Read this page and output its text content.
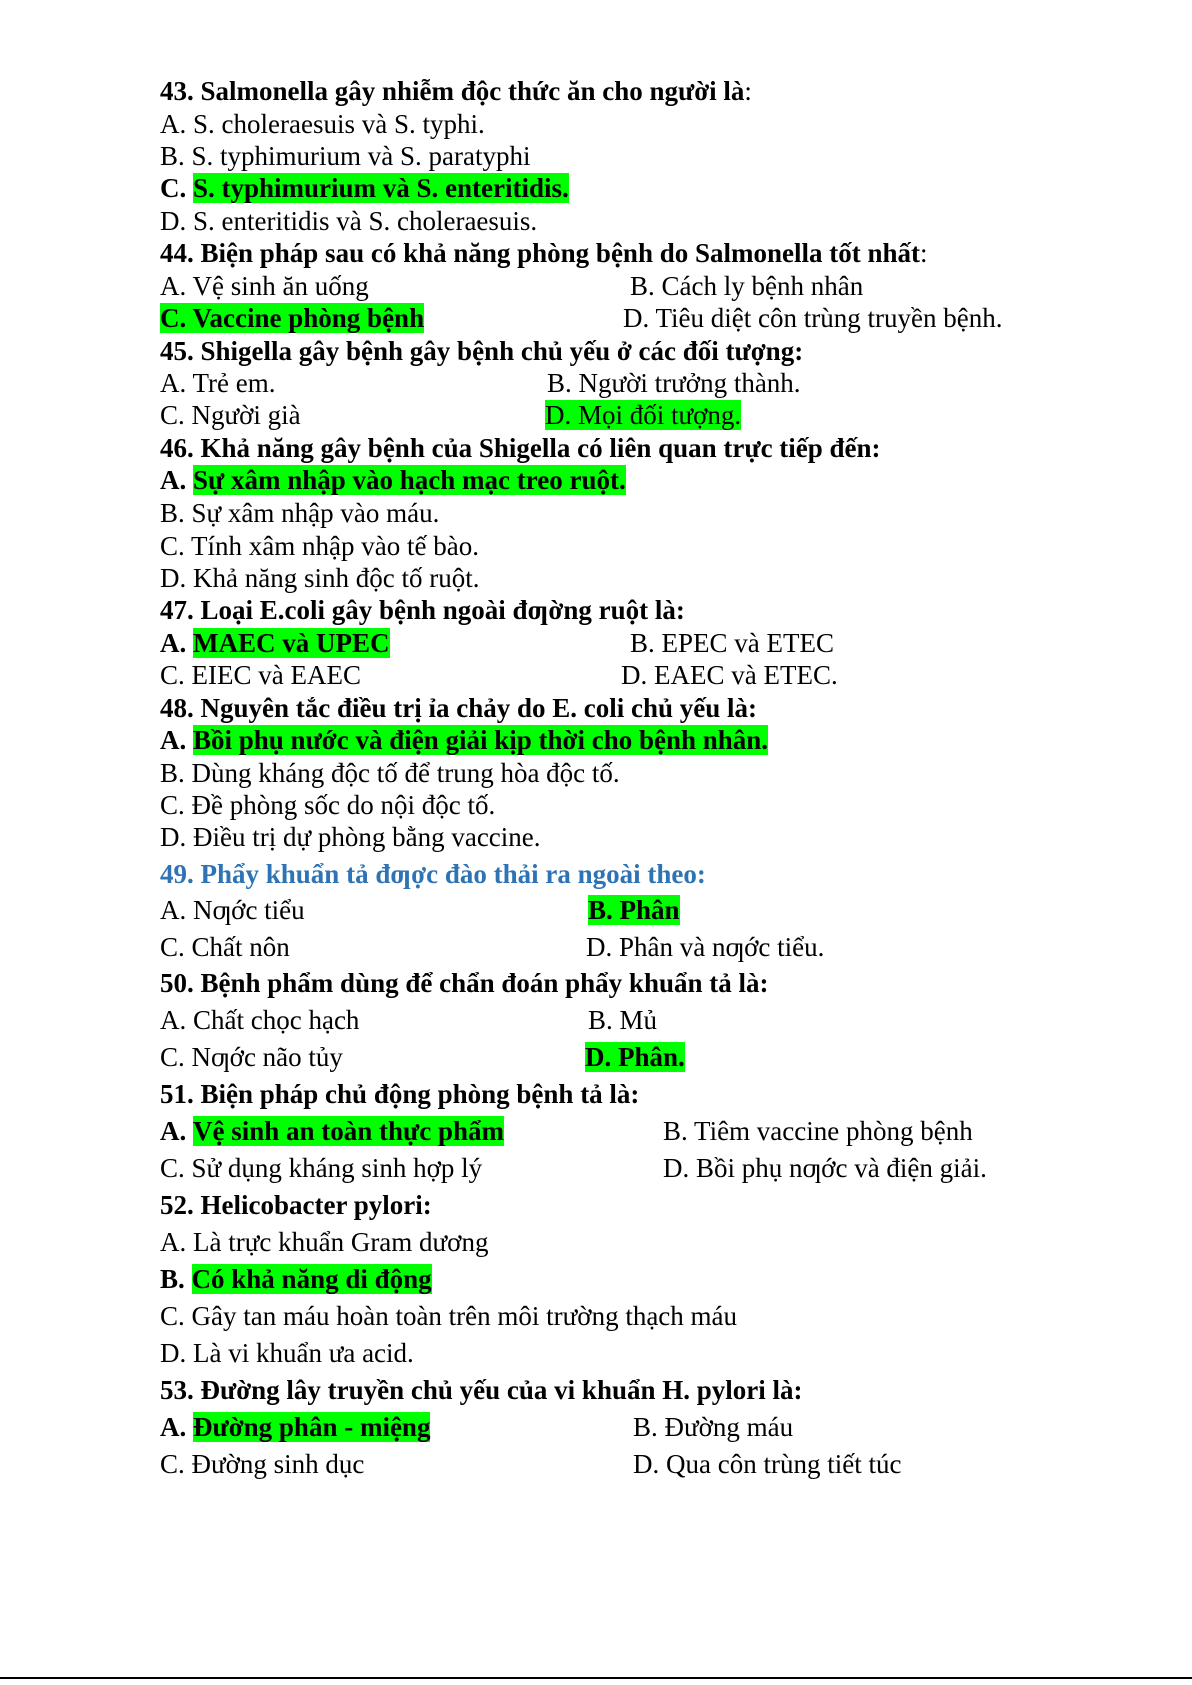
43. Salmonella gây nhiễm độc thức ăn cho người là:
A. S. choleraesuis và S. typhi.
B. S. typhimurium và S. paratyphi
C. S. typhimurium và S. enteritidis.
D. S. enteritidis và S. choleraesuis.
44. Biện pháp sau có khả năng phòng bệnh do Salmonella tốt nhất:
A. Vệ sinh ăn uống	B. Cách ly bệnh nhân
C. Vaccine phòng bệnh	D. Tiêu diệt côn trùng truyền bệnh.
45. Shigella gây bệnh gây bệnh chủ yếu ở các đối tượng:
A. Trẻ em.	B. Người trưởng thành.
C. Người già	D. Mọi đối tượng.
46. Khả năng gây bệnh của Shigella có liên quan trực tiếp đến:
A. Sự xâm nhập vào hạch mạc treo ruột.
B. Sự xâm nhập vào máu.
C. Tính xâm nhập vào tế bào.
D. Khả năng sinh độc tố ruột.
47. Loại E.coli gây bệnh ngoài đƣờng ruột là:
A. MAEC và UPEC	B. EPEC và ETEC
C. EIEC và EAEC	D. EAEC và ETEC.
48. Nguyên tắc điều trị ỉa chảy do E. coli chủ yếu là:
A. Bồi phụ nước và điện giải kịp thời cho bệnh nhân.
B. Dùng kháng độc tố để trung hòa độc tố.
C. Đề phòng sốc do nội độc tố.
D. Điều trị dự phòng bằng vaccine.
49. Phẩy khuẩn tả đƣợc đào thải ra ngoài theo:
A. Nƣớc tiểu	B. Phân
C. Chất nôn	D. Phân và nƣớc tiểu.
50. Bệnh phẩm dùng để chẩn đoán phẩy khuẩn tả là:
A. Chất chọc hạch	B. Mủ
C. Nƣớc não tủy	D. Phân.
51. Biện pháp chủ động phòng bệnh tả là:
A. Vệ sinh an toàn thực phẩm	B. Tiêm vaccine phòng bệnh
C. Sử dụng kháng sinh hợp lý	D. Bồi phụ nƣớc và điện giải.
52. Helicobacter pylori:
A. Là trực khuẩn Gram dương
B. Có khả năng di động
C. Gây tan máu hoàn toàn trên môi trường thạch máu
D. Là vi khuẩn ưa acid.
53. Đường lây truyền chủ yếu của vi khuẩn H. pylori là:
A. Đường phân - miệng	B. Đường máu
C. Đường sinh dục	D. Qua côn trùng tiết túc
